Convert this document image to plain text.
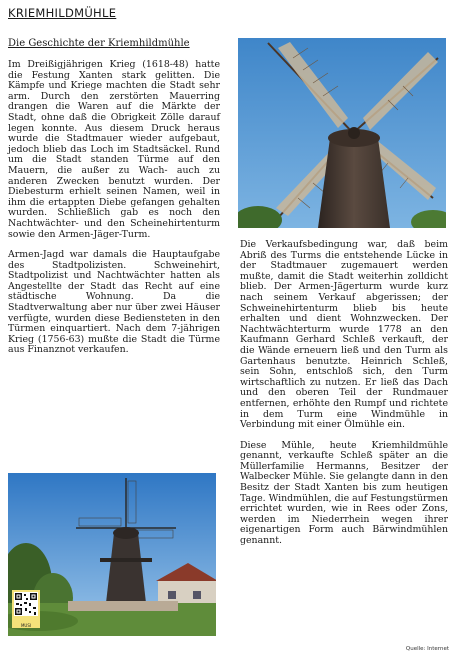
KRIEMHILDMÜHLE
Die Geschichte der Kriemhildmühle

Im Dreißigjährigen Krieg (1618-48) hatte die Festung Xanten stark gelitten. Die Kämpfe und Kriege machten die Stadt sehr arm. Durch den zerstörten Mauerring drangen die Waren auf die Märkte der Stadt, ohne daß die Obrigkeit Zölle darauf legen konnte. Aus diesem Druck heraus wurde die Stadtmauer wieder aufgebaut, jedoch blieb das Loch im Stadtsäckel. Rund um die Stadt standen Türme auf den Mauern, die außer zu Wach- auch zu anderen Zwecken benutzt wurden. Der Diebesturm erhielt seinen Namen, weil in ihm die ertappten Diebe gefangen gehalten wurden. Schließlich gab es noch den Nachtwächter- und den Scheinehirtenturm sowie den Armen-Jäger-Turm.

Armen-Jagd war damals die Hauptaufgabe des Stadtpolizisten. Schweinehirt, Stadtpolizist und Nachtwächter hatten als Angestellte der Stadt das Recht auf eine städtische Wohnung. Da die Stadtverwaltung aber nur über zwei Häuser verfügte, wurden diese Bediensteten in den Türmen einquartiert. Nach dem 7-jährigen Krieg (1756-63) mußte die Stadt die Türme aus Finanznot verkaufen.

Die Verkaufsbedingung war, daß beim Abriß des Turms die entstehende Lücke in der Stadtmauer zugemauert werden mußte, damit die Stadt weiterhin zolldicht blieb. Der Armen-Jägerturm wurde kurz nach seinem Verkauf abgerissen; der Schweinehirtenturm blieb bis heute erhalten und dient Wohnzwecken. Der Nachtwächterturm wurde 1778 an den Kaufmann Gerhard Schleß verkauft, der die Wände erneuern ließ und den Turm als Gartenhaus benutzte. Heinrich Schleß, sein Sohn, entschloß sich, den Turm wirtschaftlich zu nutzen. Er ließ das Dach und den oberen Teil der Rundmauer entfernen, erhöhte den Rumpf und richtete in dem Turm eine Windmühle in Verbindung mit einer Ölmühle ein.

Diese Mühle, heute Kriemhildmühle genannt, verkaufte Schleß später an die Müllerfamilie Hermanns, Besitzer der Walbecker Mühle. Sie gelangte dann in den Besitz der Stadt Xanten bis zum heutigen Tage. Windmühlen, die auf Festungstürmen errichtet wurden, wie in Rees oder Zons, werden im Niederrhein wegen ihrer eigenartigen Form auch Bärwindmühlen genannt.

MUSI
Quelle: Internet
